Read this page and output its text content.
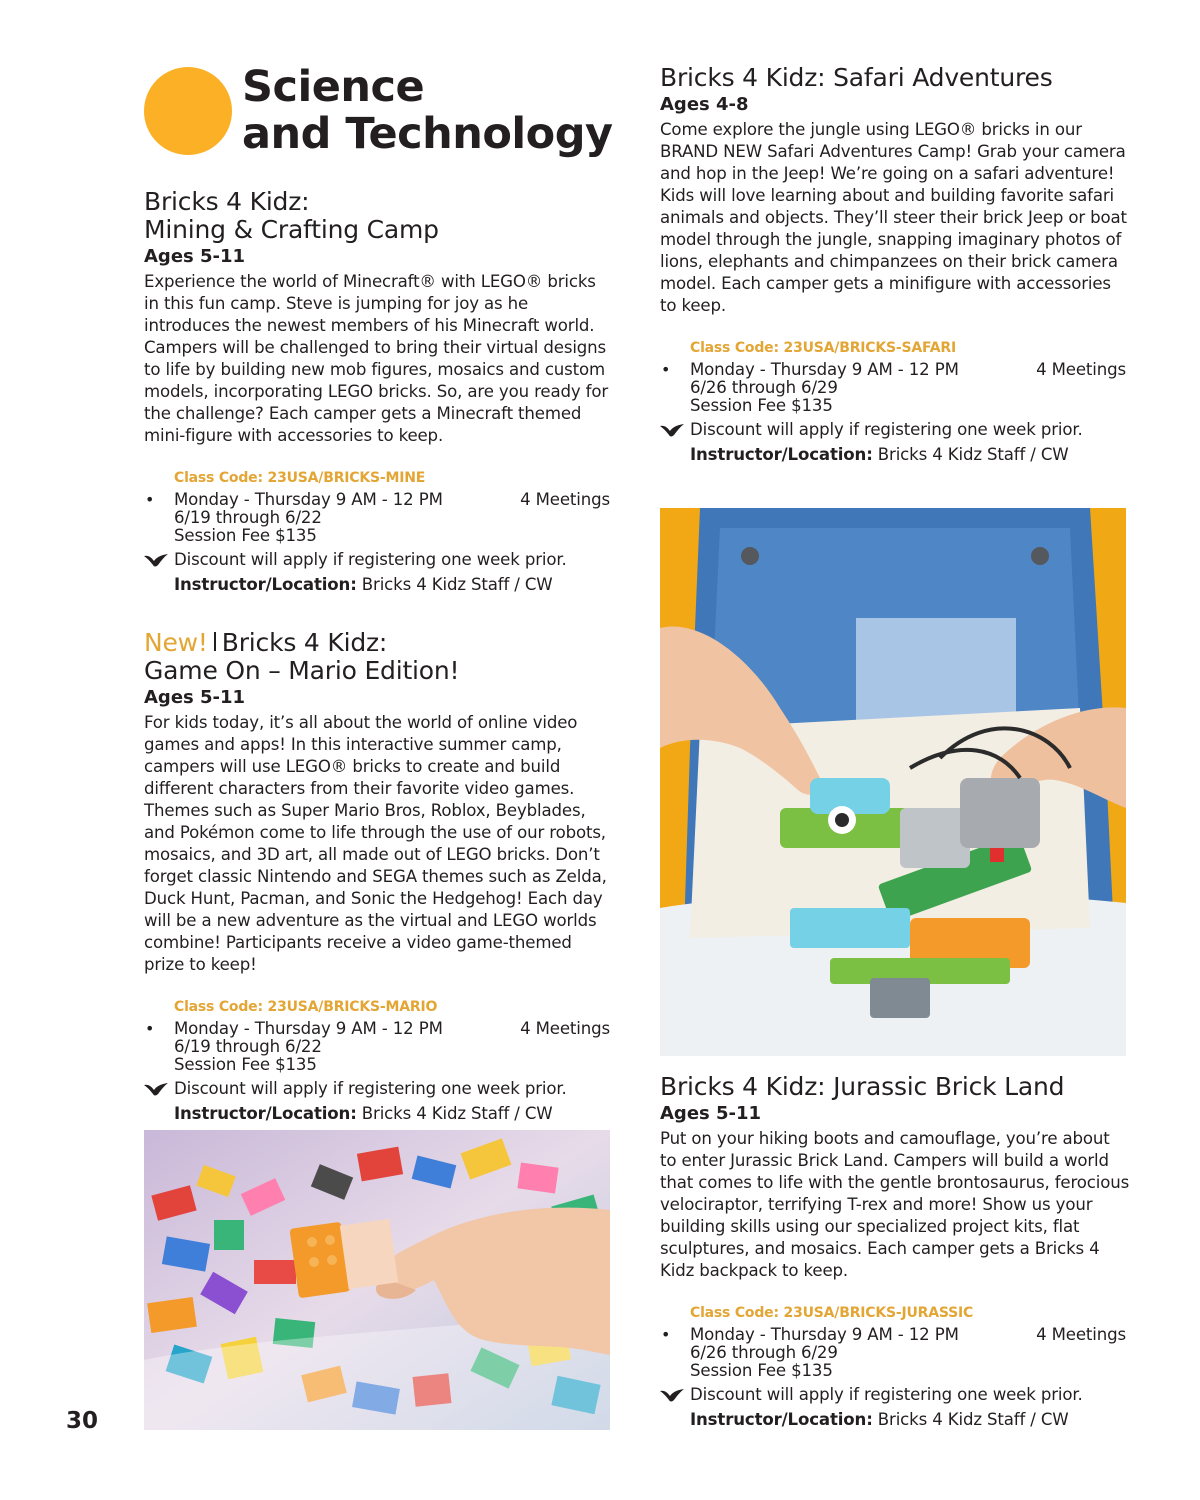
Science
and Technology
Bricks 4 Kidz:
Mining & Crafting Camp
Ages 5-11
Experience the world of Minecraft® with LEGO® bricks in this fun camp. Steve is jumping for joy as he introduces the newest members of his Minecraft world. Campers will be challenged to bring their virtual designs to life by building new mob figures, mosaics and custom models, incorporating LEGO bricks. So, are you ready for the challenge? Each camper gets a Minecraft themed mini-figure with accessories to keep.
Class Code: 23USA/BRICKS-MINE
• Monday - Thursday 9 AM - 12 PM	4 Meetings
6/19 through 6/22
Session Fee $135
Discount will apply if registering one week prior.
Instructor/Location: Bricks 4 Kidz Staff / CW
New! Bricks 4 Kidz:
Game On – Mario Edition!
Ages 5-11
For kids today, it’s all about the world of online video games and apps! In this interactive summer camp, campers will use LEGO® bricks to create and build different characters from their favorite video games. Themes such as Super Mario Bros, Roblox, Beyblades, and Pokémon come to life through the use of our robots, mosaics, and 3D art, all made out of LEGO bricks. Don’t forget classic Nintendo and SEGA themes such as Zelda, Duck Hunt, Pacman, and Sonic the Hedgehog! Each day will be a new adventure as the virtual and LEGO worlds combine! Participants receive a video game-themed prize to keep!
Class Code: 23USA/BRICKS-MARIO
• Monday - Thursday 9 AM - 12 PM	4 Meetings
6/19 through 6/22
Session Fee $135
Discount will apply if registering one week prior.
Instructor/Location: Bricks 4 Kidz Staff / CW
Bricks 4 Kidz: Safari Adventures
Ages 4-8
Come explore the jungle using LEGO® bricks in our BRAND NEW Safari Adventures Camp! Grab your camera and hop in the Jeep! We’re going on a safari adventure! Kids will love learning about and building favorite safari animals and objects. They’ll steer their brick Jeep or boat model through the jungle, snapping imaginary photos of lions, elephants and chimpanzees on their brick camera model. Each camper gets a minifigure with accessories to keep.
Class Code: 23USA/BRICKS-SAFARI
• Monday - Thursday 9 AM - 12 PM	4 Meetings
6/26 through 6/29
Session Fee $135
Discount will apply if registering one week prior.
Instructor/Location: Bricks 4 Kidz Staff / CW
Bricks 4 Kidz: Jurassic Brick Land
Ages 5-11
Put on your hiking boots and camouflage, you’re about to enter Jurassic Brick Land. Campers will build a world that comes to life with the gentle brontosaurus, ferocious velociraptor, terrifying T-rex and more! Show us your building skills using our specialized project kits, flat sculptures, and mosaics. Each camper gets a Bricks 4 Kidz backpack to keep.
Class Code: 23USA/BRICKS-JURASSIC
• Monday - Thursday 9 AM - 12 PM	4 Meetings
6/26 through 6/29
Session Fee $135
Discount will apply if registering one week prior.
Instructor/Location: Bricks 4 Kidz Staff / CW
30
